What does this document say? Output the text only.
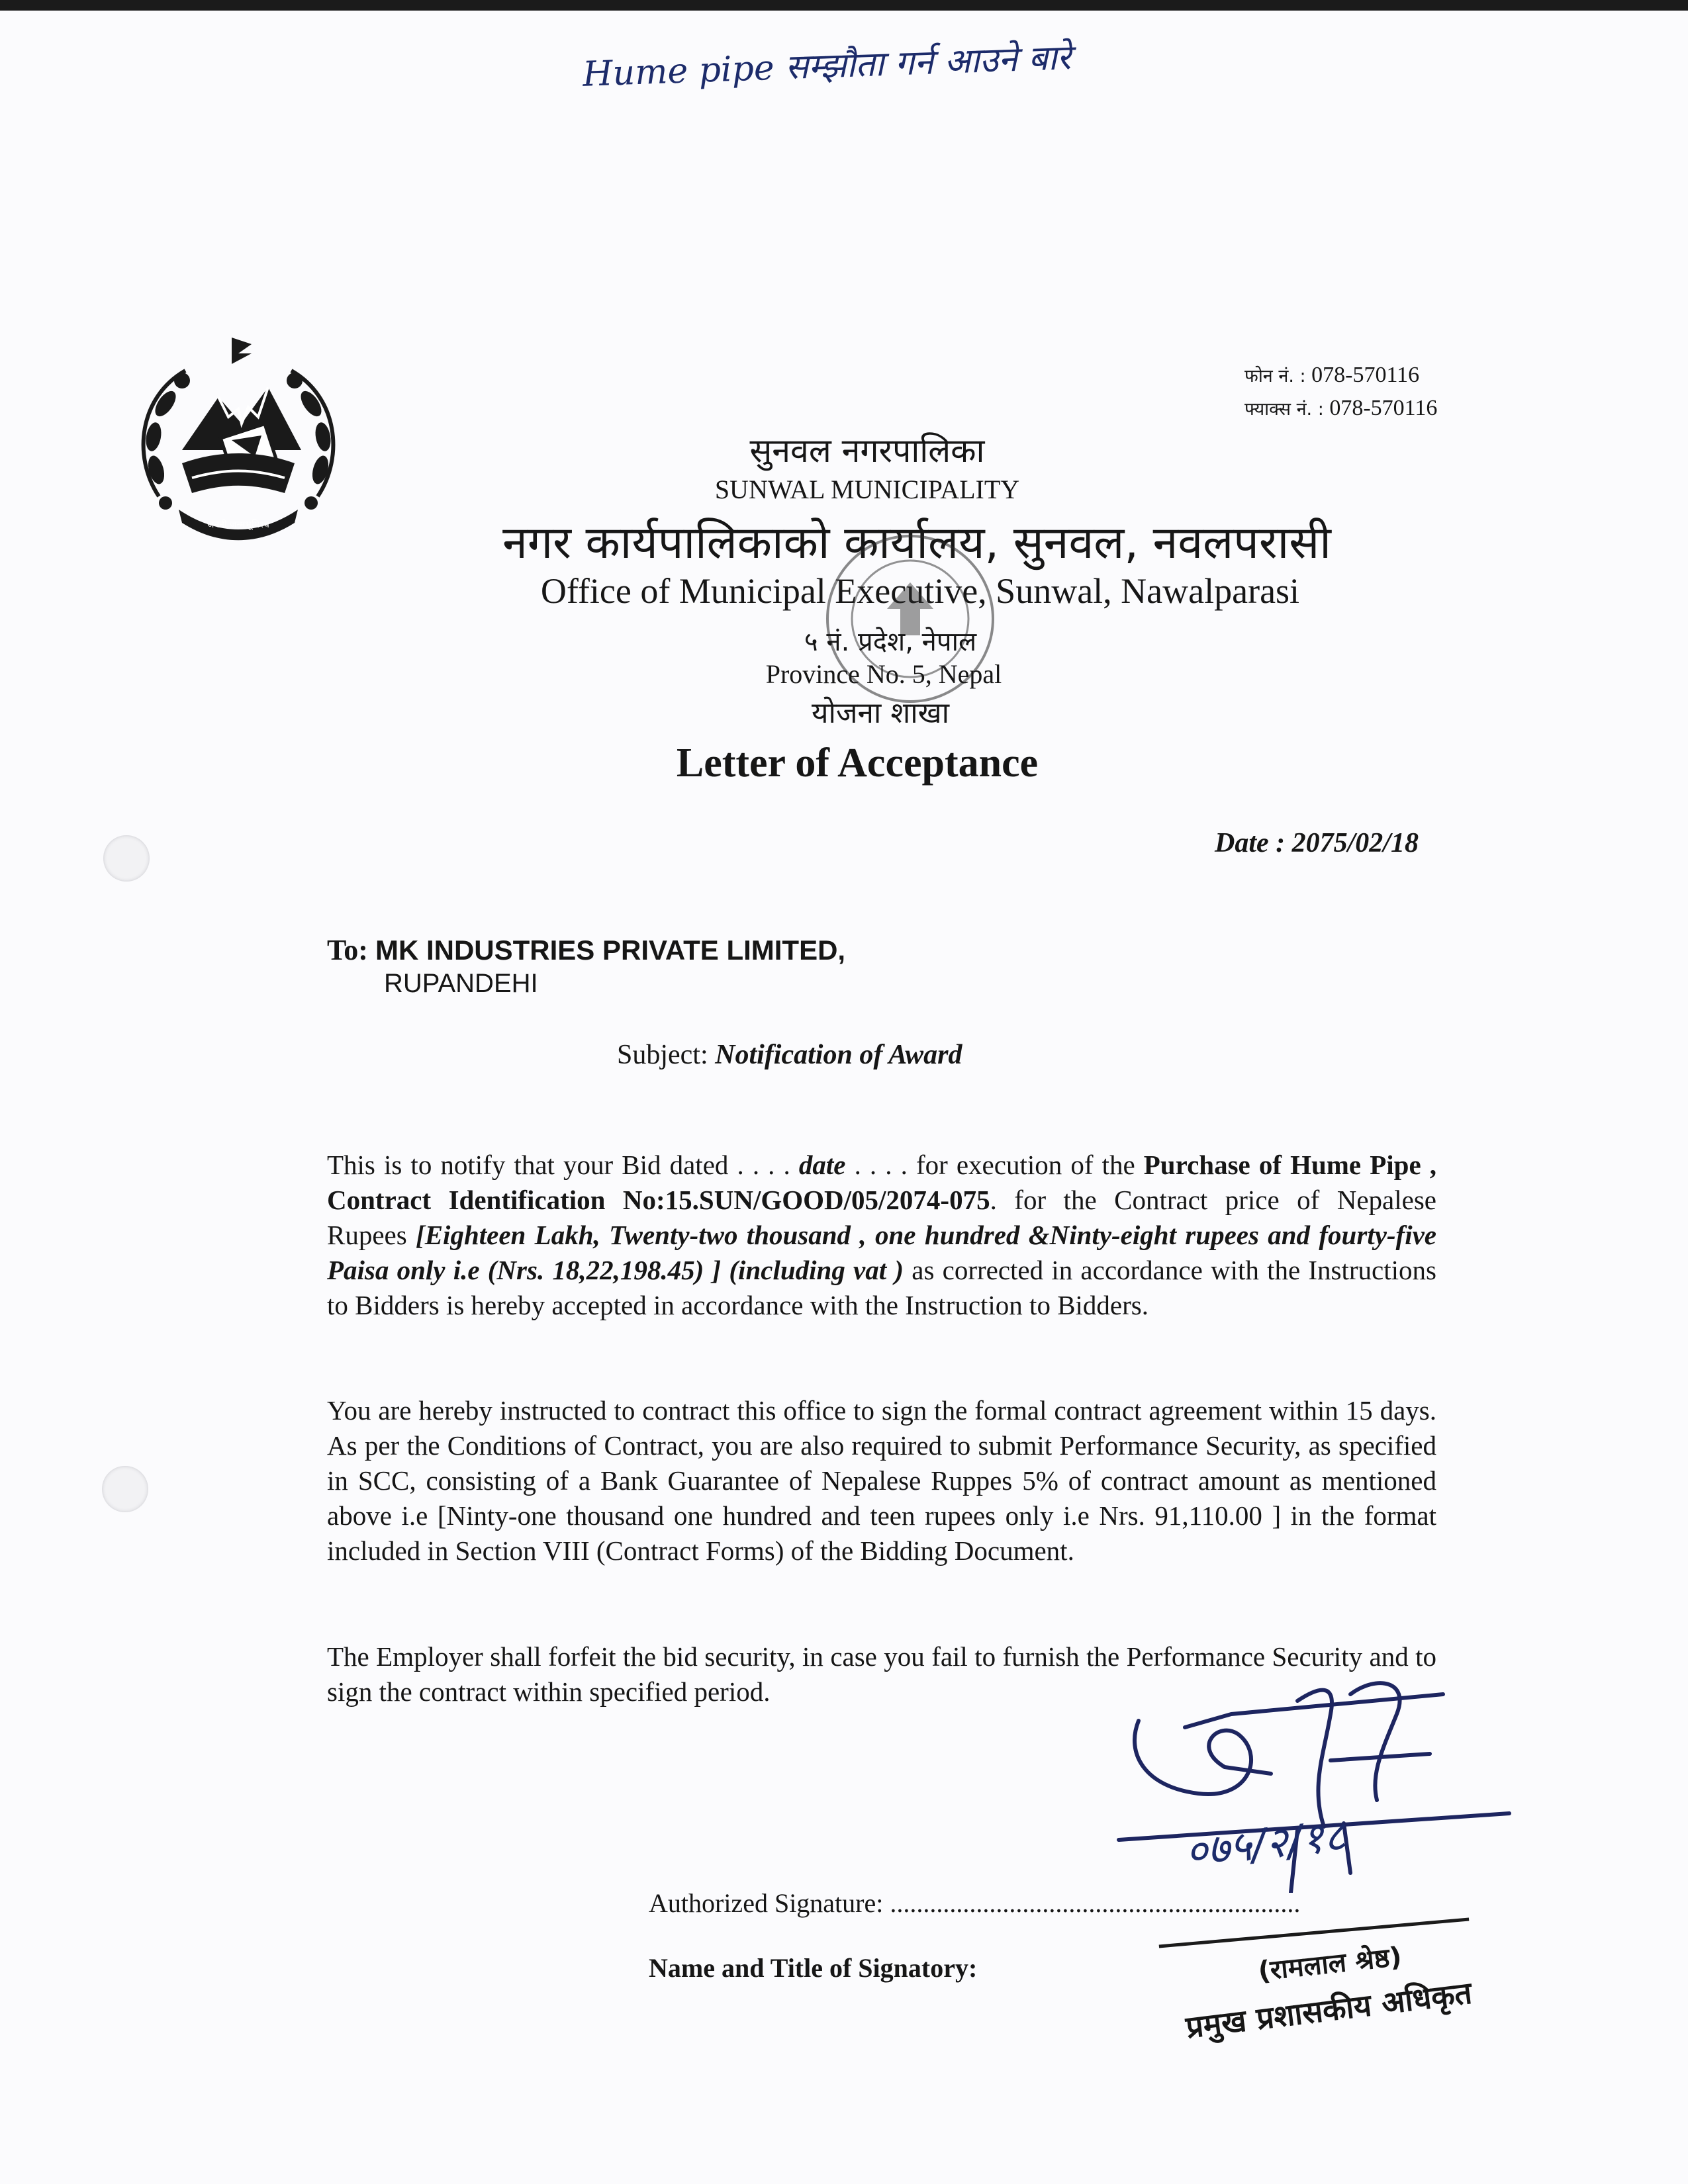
Hume pipe सम्झौता गर्न आउने बारे
जननी जन्मभूमिश्च
फोन नं. : 078-570116
फ्याक्स नं. : 078-570116
सुनवल नगरपालिका
SUNWAL MUNICIPALITY
नगर कार्यपालिकाको कार्यालय, सुनवल, नवलपरासी
Office of Municipal Executive, Sunwal, Nawalparasi
५ नं. प्रदेश, नेपाल
Province No. 5, Nepal
योजना शाखा
Letter of Acceptance
Date : 2075/02/18
To: MK INDUSTRIES PRIVATE LIMITED,
RUPANDEHI
Subject: Notification of Award
This is to notify that your Bid dated . . . . date . . . . for execution of the Purchase of Hume Pipe , Contract Identification No:15.SUN/GOOD/05/2074-075. for the Contract price of Nepalese Rupees [Eighteen Lakh, Twenty-two thousand , one hundred &Ninty-eight rupees and fourty-five Paisa only i.e (Nrs. 18,22,198.45) ] (including vat ) as corrected in accordance with the Instructions to Bidders is hereby accepted in accordance with the Instruction to Bidders.
You are hereby instructed to contract this office to sign the formal contract agreement within 15 days. As per the Conditions of Contract, you are also required to submit Performance Security, as specified in SCC, consisting of a Bank Guarantee of Nepalese Ruppes 5% of contract amount as mentioned above i.e [Ninty-one thousand one hundred and teen rupees only i.e Nrs. 91,110.00 ] in the format included in Section VIII (Contract Forms) of the Bidding Document.
The Employer shall forfeit the bid security, in case you fail to furnish the Performance Security and to sign the contract within specified period.
०७५/२/१८
Authorized Signature: ..............................................................
Name and Title of Signatory:	(रामलाल श्रेष्ठ)
प्रमुख प्रशासकीय अधिकृत
